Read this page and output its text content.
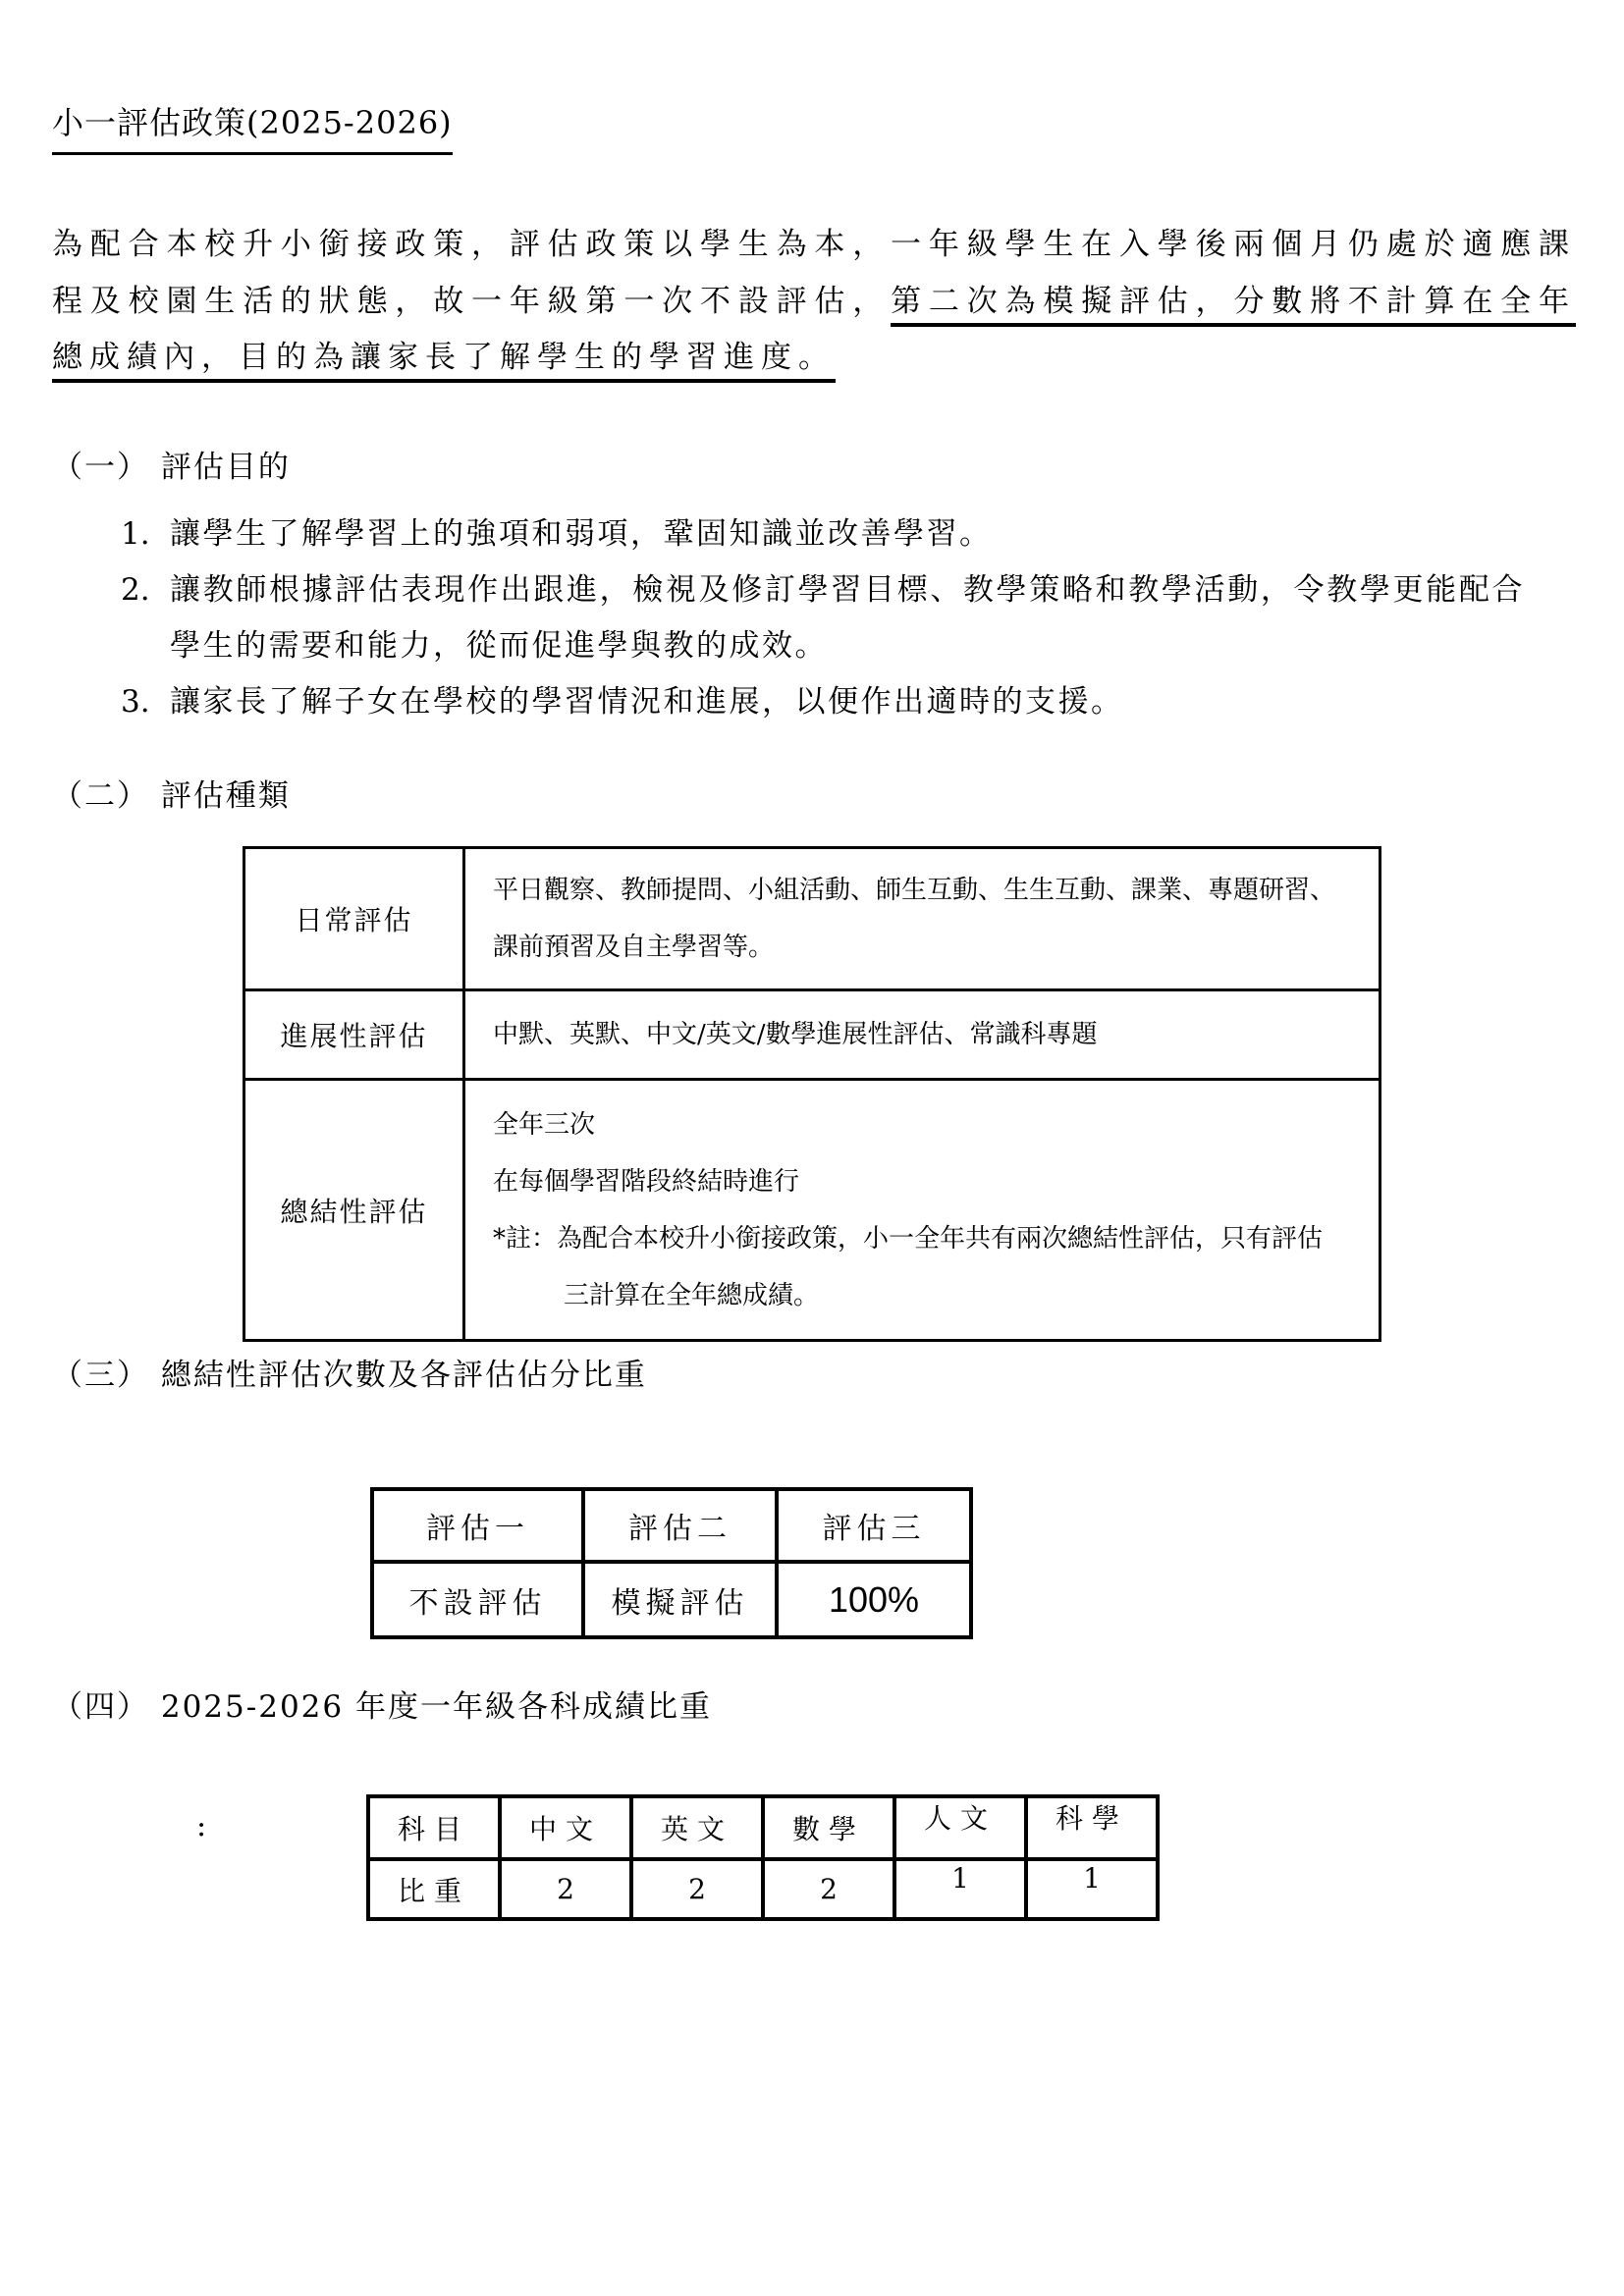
小一評估政策(2025-2026)

為配合本校升小銜接政策，評估政策以學生為本，一年級學生在入學後兩個月仍處於適應課程及校園生活的狀態，故一年級第一次不設評估，第二次為模擬評估，分數將不計算在全年總成績內，目的為讓家長了解學生的學習進度。

（一） 評估目的
1. 讓學生了解學習上的強項和弱項，鞏固知識並改善學習。
2. 讓教師根據評估表現作出跟進，檢視及修訂學習目標、教學策略和教學活動，令教學更能配合學生的需要和能力，從而促進學與教的成效。
3. 讓家長了解子女在學校的學習情況和進展，以便作出適時的支援。
（二） 評估種類
日常評估	平日觀察、教師提問、小組活動、師生互動、生生互動、課業、專題研習、
課前預習及自主學習等。

進展性評估	中默、英默、中文/英文/數學進展性評估、常識科專題

總結性評估	全年三次
在每個學習階段終結時進行
*註：為配合本校升小銜接政策，小一全年共有兩次總結性評估，只有評估
三計算在全年總成績。
（三） 總結性評估次數及各評估佔分比重
評估一	評估二	評估三
不設評估	模擬評估	100%
（四） 2025-2026 年度一年級各科成績比重
:	科目	中文	英文	數學	人文	科學
比重	2	2	2	1	1
